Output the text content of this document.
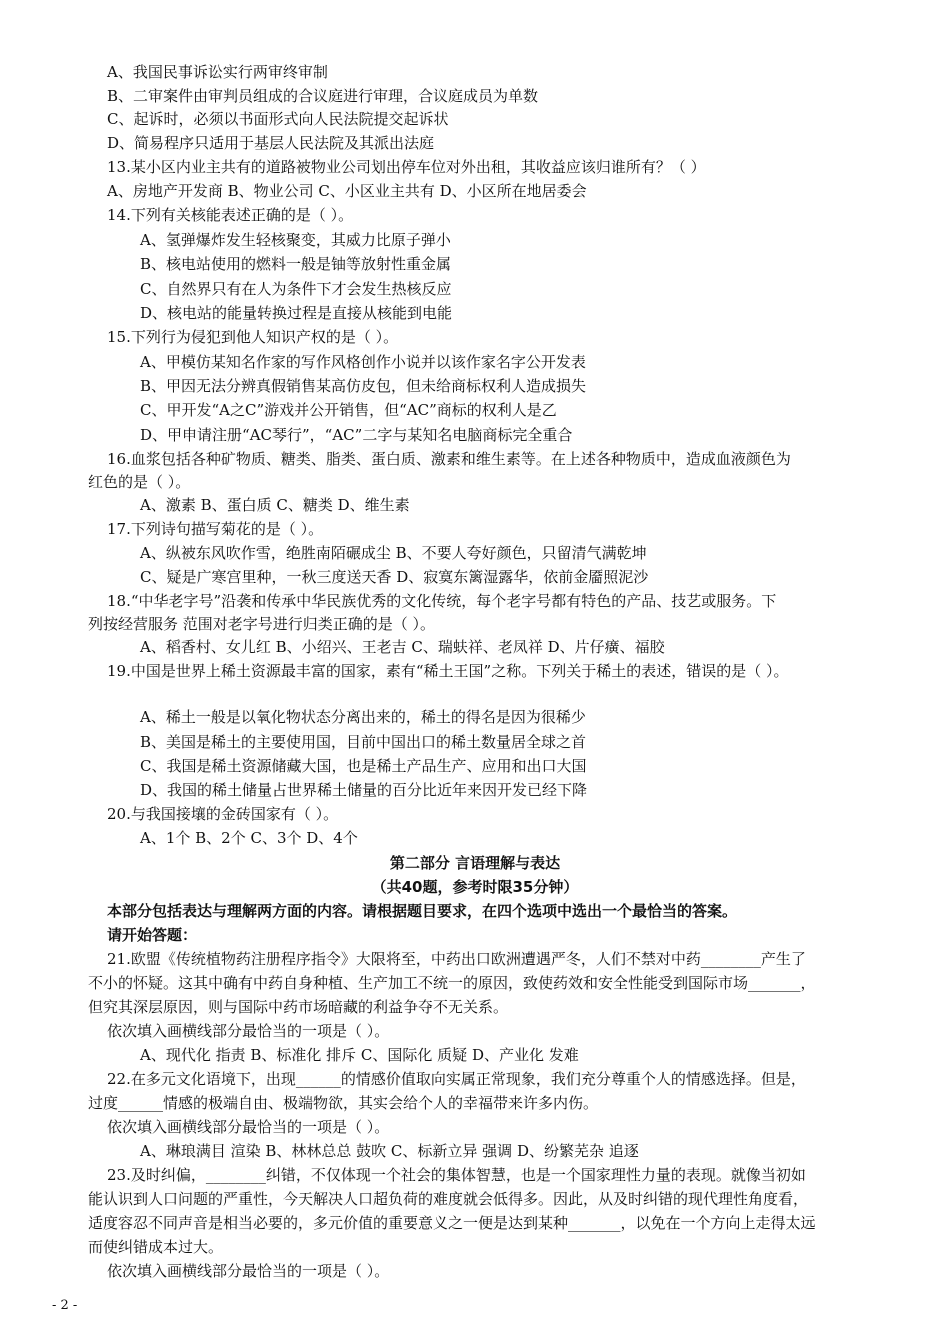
A、我国民事诉讼实行两审终审制
B、二审案件由审判员组成的合议庭进行审理，合议庭成员为单数
C、起诉时，必须以书面形式向人民法院提交起诉状
D、简易程序只适用于基层人民法院及其派出法庭
13.某小区内业主共有的道路被物业公司划出停车位对外出租，其收益应该归谁所有？（ ）
A、房地产开发商 B、物业公司 C、小区业主共有 D、小区所在地居委会
14.下列有关核能表述正确的是（ ）。
A、氢弹爆炸发生轻核聚变，其威力比原子弹小
B、核电站使用的燃料一般是铀等放射性重金属
C、自然界只有在人为条件下才会发生热核反应
D、核电站的能量转换过程是直接从核能到电能
15.下列行为侵犯到他人知识产权的是（ ）。
A、甲模仿某知名作家的写作风格创作小说并以该作家名字公开发表
B、甲因无法分辨真假销售某高仿皮包，但未给商标权利人造成损失
C、甲开发“A之C”游戏并公开销售，但“AC”商标的权利人是乙
D、甲申请注册“AC琴行”，“AC”二字与某知名电脑商标完全重合
16.血浆包括各种矿物质、糖类、脂类、蛋白质、激素和维生素等。在上述各种物质中，造成血液颜色为
红色的是（ ）。
A、激素 B、蛋白质 C、糖类 D、维生素
17.下列诗句描写菊花的是（ ）。
A、纵被东风吹作雪，绝胜南陌碾成尘 B、不要人夸好颜色，只留清气满乾坤
C、疑是广寒宫里种，一秋三度送天香 D、寂寞东篱湿露华，依前金靥照泥沙
18.“中华老字号”沿袭和传承中华民族优秀的文化传统，每个老字号都有特色的产品、技艺或服务。下
列按经营服务 范围对老字号进行归类正确的是（ ）。
A、稻香村、女儿红 B、小绍兴、王老吉 C、瑞蚨祥、老凤祥 D、片仔癀、福胶
19.中国是世界上稀土资源最丰富的国家，素有“稀土王国”之称。下列关于稀土的表述，错误的是（ ）。
A、稀土一般是以氧化物状态分离出来的，稀土的得名是因为很稀少
B、美国是稀土的主要使用国，目前中国出口的稀土数量居全球之首
C、我国是稀土资源储藏大国，也是稀土产品生产、应用和出口大国
D、我国的稀土储量占世界稀土储量的百分比近年来因开发已经下降
20.与我国接壤的金砖国家有（ ）。
A、1个 B、2个 C、3个 D、4个
第二部分 言语理解与表达
（共40题，参考时限35分钟）
本部分包括表达与理解两方面的内容。请根据题目要求，在四个选项中选出一个最恰当的答案。
请开始答题：
21.欧盟《传统植物药注册程序指令》大限将至，中药出口欧洲遭遇严冬，人们不禁对中药________产生了
不小的怀疑。这其中确有中药自身种植、生产加工不统一的原因，致使药效和安全性能受到国际市场_______，
但究其深层原因，则与国际中药市场暗藏的利益争夺不无关系。
依次填入画横线部分最恰当的一项是（ ）。
A、现代化 指责 B、标准化 排斥 C、国际化 质疑 D、产业化 发难
22.在多元文化语境下，出现______的情感价值取向实属正常现象，我们充分尊重个人的情感选择。但是，
过度______情感的极端自由、极端物欲，其实会给个人的幸福带来许多内伤。
依次填入画横线部分最恰当的一项是（ ）。
A、琳琅满目 渲染 B、林林总总 鼓吹 C、标新立异 强调 D、纷繁芜杂 追逐
23.及时纠偏，________纠错，不仅体现一个社会的集体智慧，也是一个国家理性力量的表现。就像当初如
能认识到人口问题的严重性，今天解决人口超负荷的难度就会低得多。因此，从及时纠错的现代理性角度看，
适度容忍不同声音是相当必要的，多元价值的重要意义之一便是达到某种_______，以免在一个方向上走得太远
而使纠错成本过大。
依次填入画横线部分最恰当的一项是（ ）。
- 2 -
